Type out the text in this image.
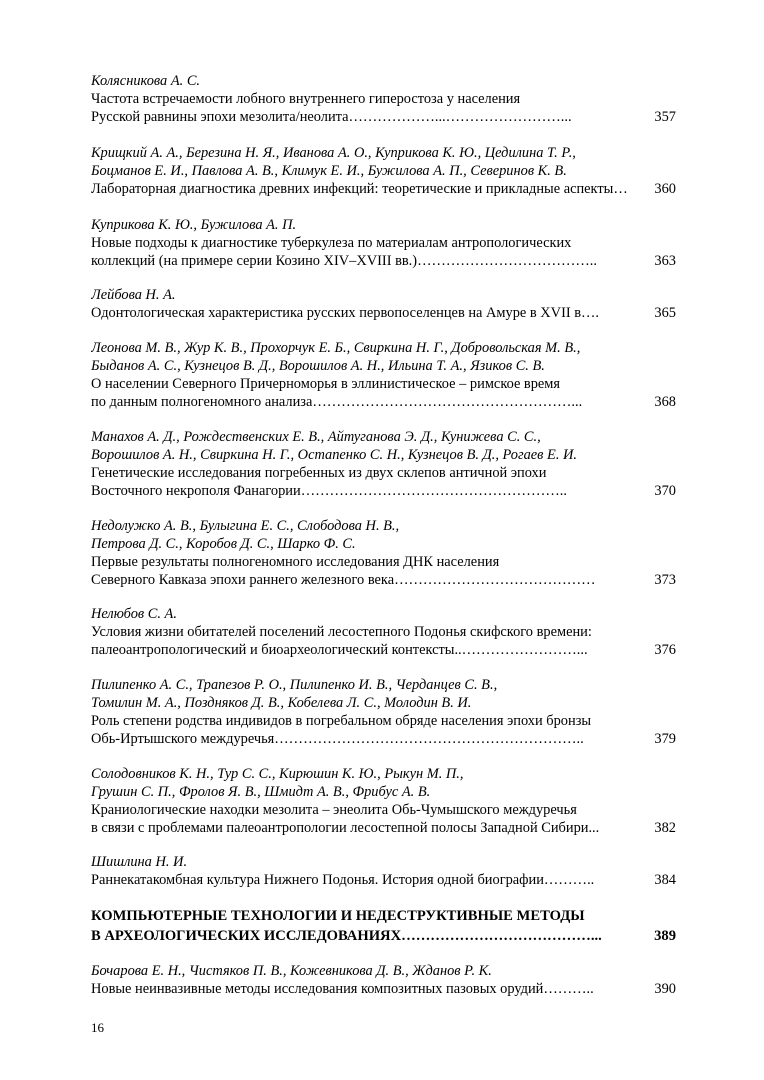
Колясникова А. С.
Частота встречаемости лобного внутреннего гиперостоза у населения
Русской равнины эпохи мезолита/неолита………………...……………………...	357
Крищкий А. А., Березина Н. Я., Иванова А. О., Куприкова К. Ю., Цедилина Т. Р.,
Боцманов Е. И., Павлова А. В., Климук Е. И., Бужилова А. П., Северинов К. В.
Лабораторная диагностика древних инфекций: теоретические и прикладные аспекты…	360
Куприкова К. Ю., Бужилова А. П.
Новые подходы к диагностике туберкулеза по материалам антропологических
коллекций (на примере серии Козино XIV–XVIII вв.)………………………………..	363
Лейбова Н. А.
Одонтологическая характеристика русских первопоселенцев на Амуре в XVII в….	365
Леонова М. В., Жур К. В., Прохорчук Е. Б., Свиркина Н. Г., Добровольская М. В.,
Быданов А. С., Кузнецов В. Д., Ворошилов А. Н., Ильина Т. А., Язиков С. В.
О населении Северного Причерноморья в эллинистическое – римское время
по данным полногеномного анализа………………………………………………...	368
Манахов А. Д., Рождественских Е. В., Айтуганова Э. Д., Кунижева С. С.,
Ворошилов А. Н., Свиркина Н. Г., Остапенко С. Н., Кузнецов В. Д., Рогаев Е. И.
Генетические исследования погребенных из двух склепов античной эпохи
Восточного некрополя Фанагории………………………………………………..	370
Недолужко А. В., Булыгина Е. С., Слободова Н. В.,
Петрова Д. С., Коробов Д. С., Шарко Ф. С.
Первые результаты полногеномного исследования ДНК населения
Северного Кавказа эпохи раннего железного века……………………………………	373
Нелюбов С. А.
Условия жизни обитателей поселений лесостепного Подонья скифского времени:
палеоантропологический и биоархеологический контексты..……………………...	376
Пилипенко А. С., Трапезов Р. О., Пилипенко И. В., Черданцев С. В.,
Томилин М. А., Поздняков Д. В., Кобелева Л. С., Молодин В. И.
Роль степени родства индивидов в погребальном обряде населения эпохи бронзы
Обь-Иртышского междуречья………………………………………………………..	379
Солодовников К. Н., Тур С. С., Кирюшин К. Ю., Рыкун М. П.,
Грушин С. П., Фролов Я. В., Шмидт А. В., Фрибус А. В.
Краниологические находки мезолита – энеолита Обь-Чумышского междуречья
в связи с проблемами палеоантропологии лесостепной полосы Западной Сибири...	382
Шишлина Н. И.
Раннекатакомбная культура Нижнего Подонья. История одной биографии………..	384
КОМПЬЮТЕРНЫЕ ТЕХНОЛОГИИ И НЕДЕСТРУКТИВНЫЕ МЕТОДЫ
В АРХЕОЛОГИЧЕСКИХ ИССЛЕДОВАНИЯХ…………………………………...	389
Бочарова Е. Н., Чистяков П. В., Кожевникова Д. В., Жданов Р. К.
Новые неинвазивные методы исследования композитных пазовых орудий………..	390
16
